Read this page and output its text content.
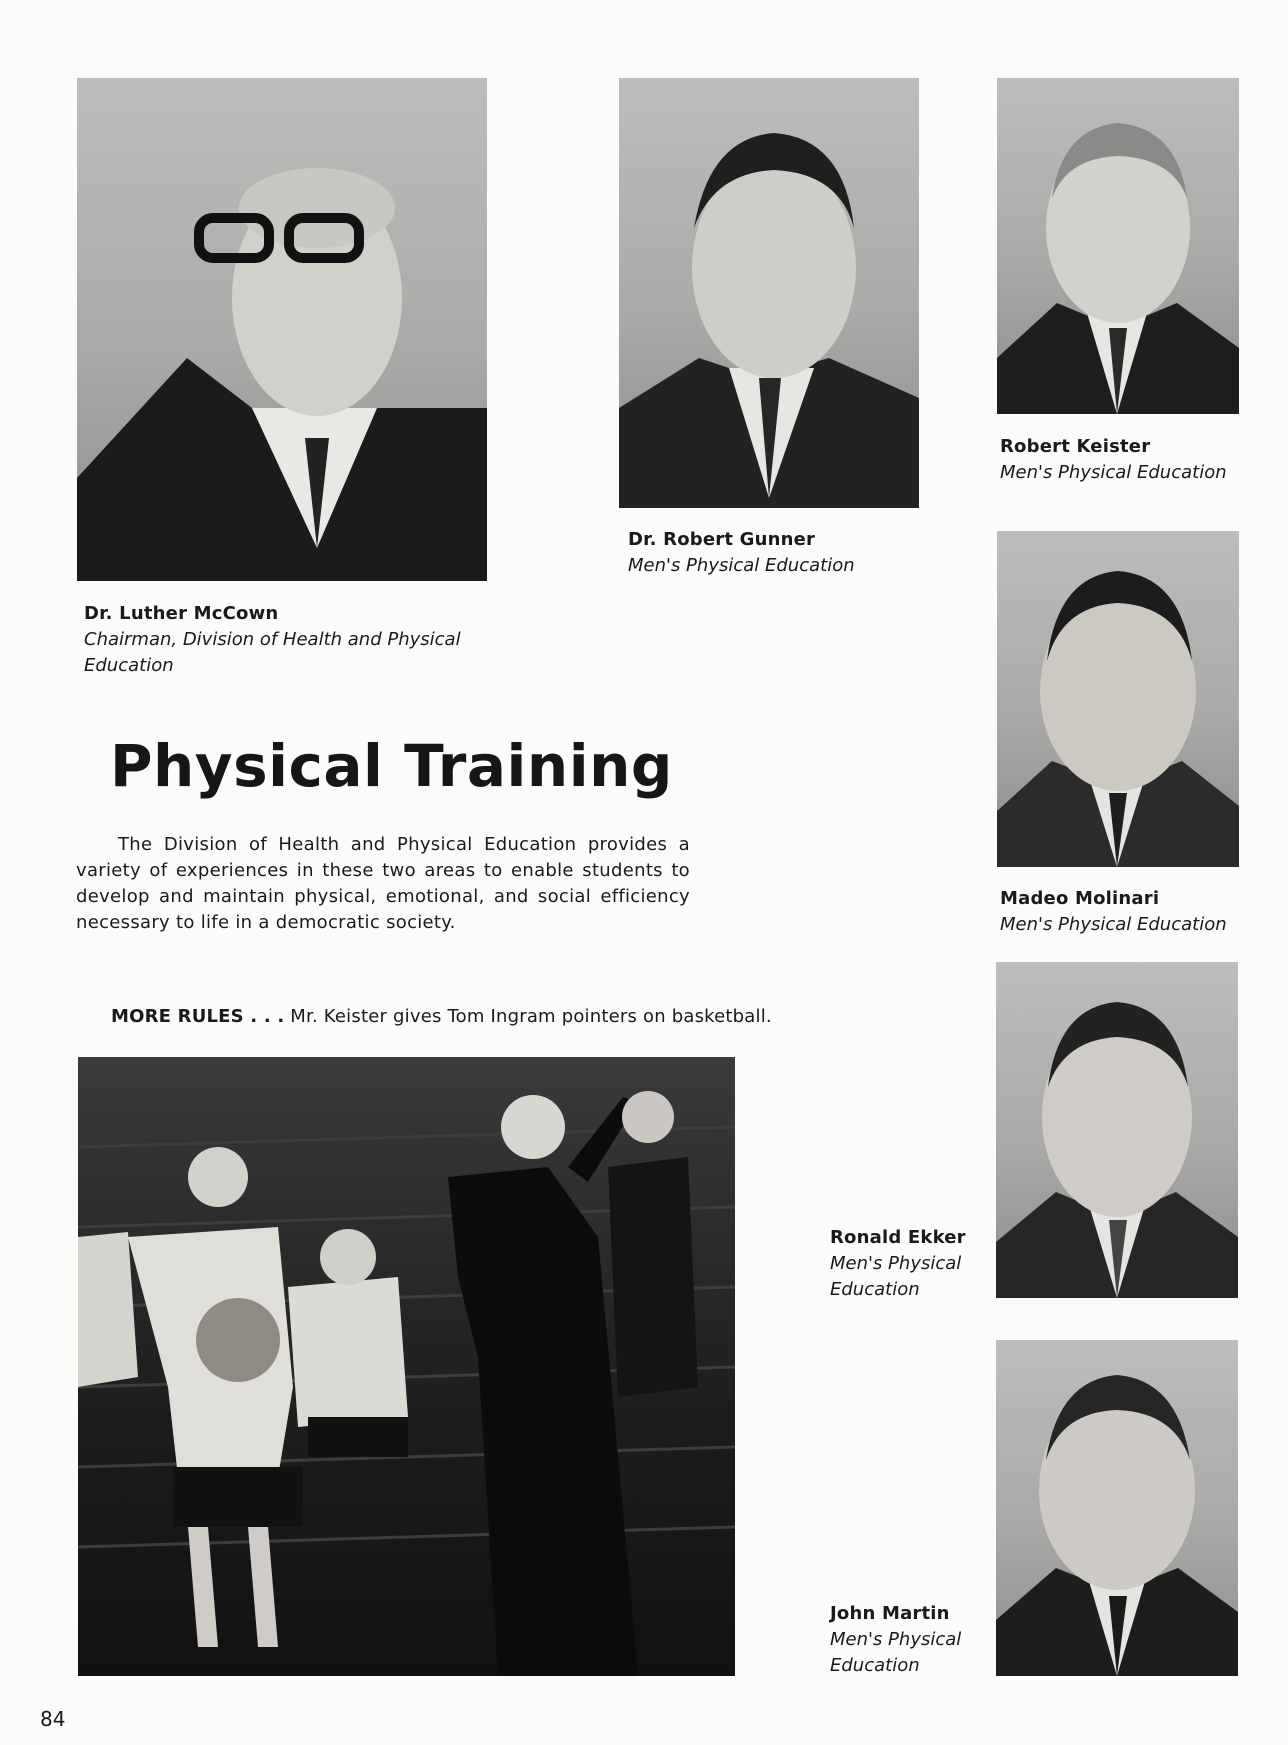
Dr. Luther McCown
Chairman, Division of Health and Physical Education
Dr. Robert Gunner
Men's Physical Education
Robert Keister
Men's Physical Education
Madeo Molinari
Men's Physical Education
Ronald Ekker
Men's Physical Education
John Martin
Men's Physical Education
Physical Training

The Division of Health and Physical Education provides a variety of experiences in these two areas to enable students to develop and maintain physical, emotional, and social efficiency necessary to life in a democratic society.

MORE RULES . . . Mr. Keister gives Tom Ingram pointers on basketball.
84
